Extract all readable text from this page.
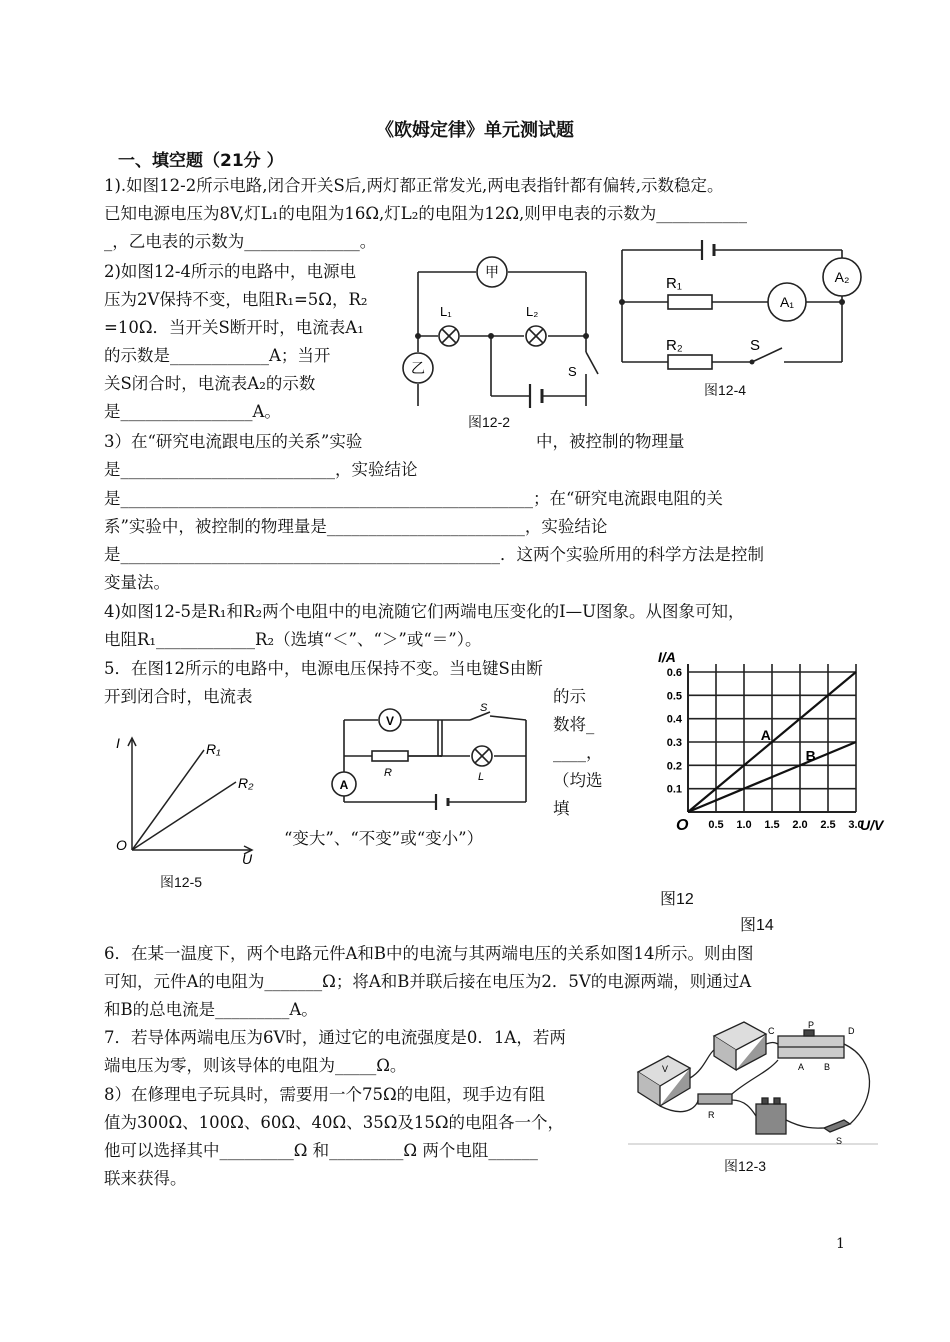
《欧姆定律》单元测试题
一、填空题（21分 ）
1).如图12-2所示电路,闭合开关S后,两灯都正常发光,两电表指针都有偏转,示数稳定。
已知电源电压为8V,灯L₁的电阻为16Ω,灯L₂的电阻为12Ω,则甲电表的示数为___________
_，乙电表的示数为______________。
2)如图12-4所示的电路中，电源电
压为2V保持不变，电阻R₁=5Ω，R₂
=10Ω．当开关S断开时，电流表A₁
的示数是____________A；当开
关S闭合时，电流表A₂的示数
是________________A。
甲
乙
L₁	L₂
S
图12-2
R₁
R₂
A₁
A₂
S
图12-4
3）在“研究电流跟电压的关系”实验	中，被控制的物理量
是__________________________，实验结论
是__________________________________________________；在“研究电流跟电阻的关
系”实验中，被控制的物理量是________________________，实验结论
是______________________________________________．这两个实验所用的科学方法是控制
变量法。
4)如图12-5是R₁和R₂两个电阻中的电流随它们两端电压变化的I—U图象。从图象可知，
电阻R₁____________R₂（选填“＜”、“＞”或“＝”）。
5．在图12所示的电路中，电源电压保持不变。当电键S由断
开到闭合时，电流表	的示
数将_
____，
（均选
填
“变大”、“不变”或“变小”）
I
U
O
R₁
R₂
图12-5
V
A
R	L
S
图12
A
B
0.5 1.0 1.5 2.0 2.5 3.0
0.1
0.2
0.3
0.4
0.5
0.6
I/A
U/V
O
图14
6．在某一温度下，两个电路元件A和B中的电流与其两端电压的关系如图14所示。则由图
可知，元件A的电阻为_______Ω；将A和B并联后接在电压为2．5V的电源两端，则通过A
和B的总电流是_________A。
7．若导体两端电压为6V时，通过它的电流强度是0．1A，若两
端电压为零，则该导体的电阻为_____Ω。
8）在修理电子玩具时，需要用一个75Ω的电阻，现手边有阻
值为300Ω、100Ω、60Ω、40Ω、35Ω及15Ω的电阻各一个，
他可以选择其中_________Ω 和_________Ω 两个电阻______
联来获得。
C
P
D
A B
V
R
S
图12-3
1
